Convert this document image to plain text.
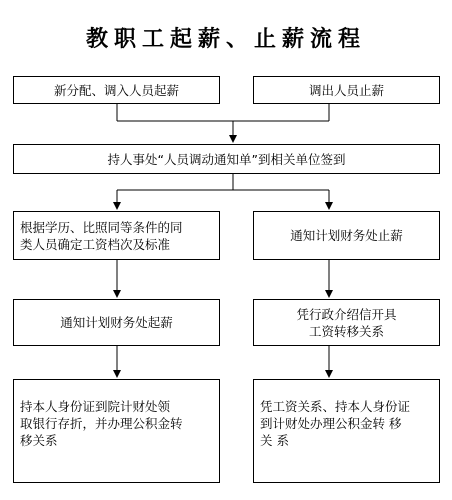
教职工起薪、止薪流程
新分配、调入人员起薪	调出人员止薪
持人事处“人员调动通知单”到相关单位签到
根据学历、比照同等条件的同
类人员确定工资档次及标准
通知计划财务处止薪
通知计划财务处起薪
凭行政介绍信开具
工资转移关系
持本人身份证到院计财处领
取银行存折，并办理公积金转
移关系
凭工资关系、持本人身份证
到计财处办理公积金转 移
关 系
